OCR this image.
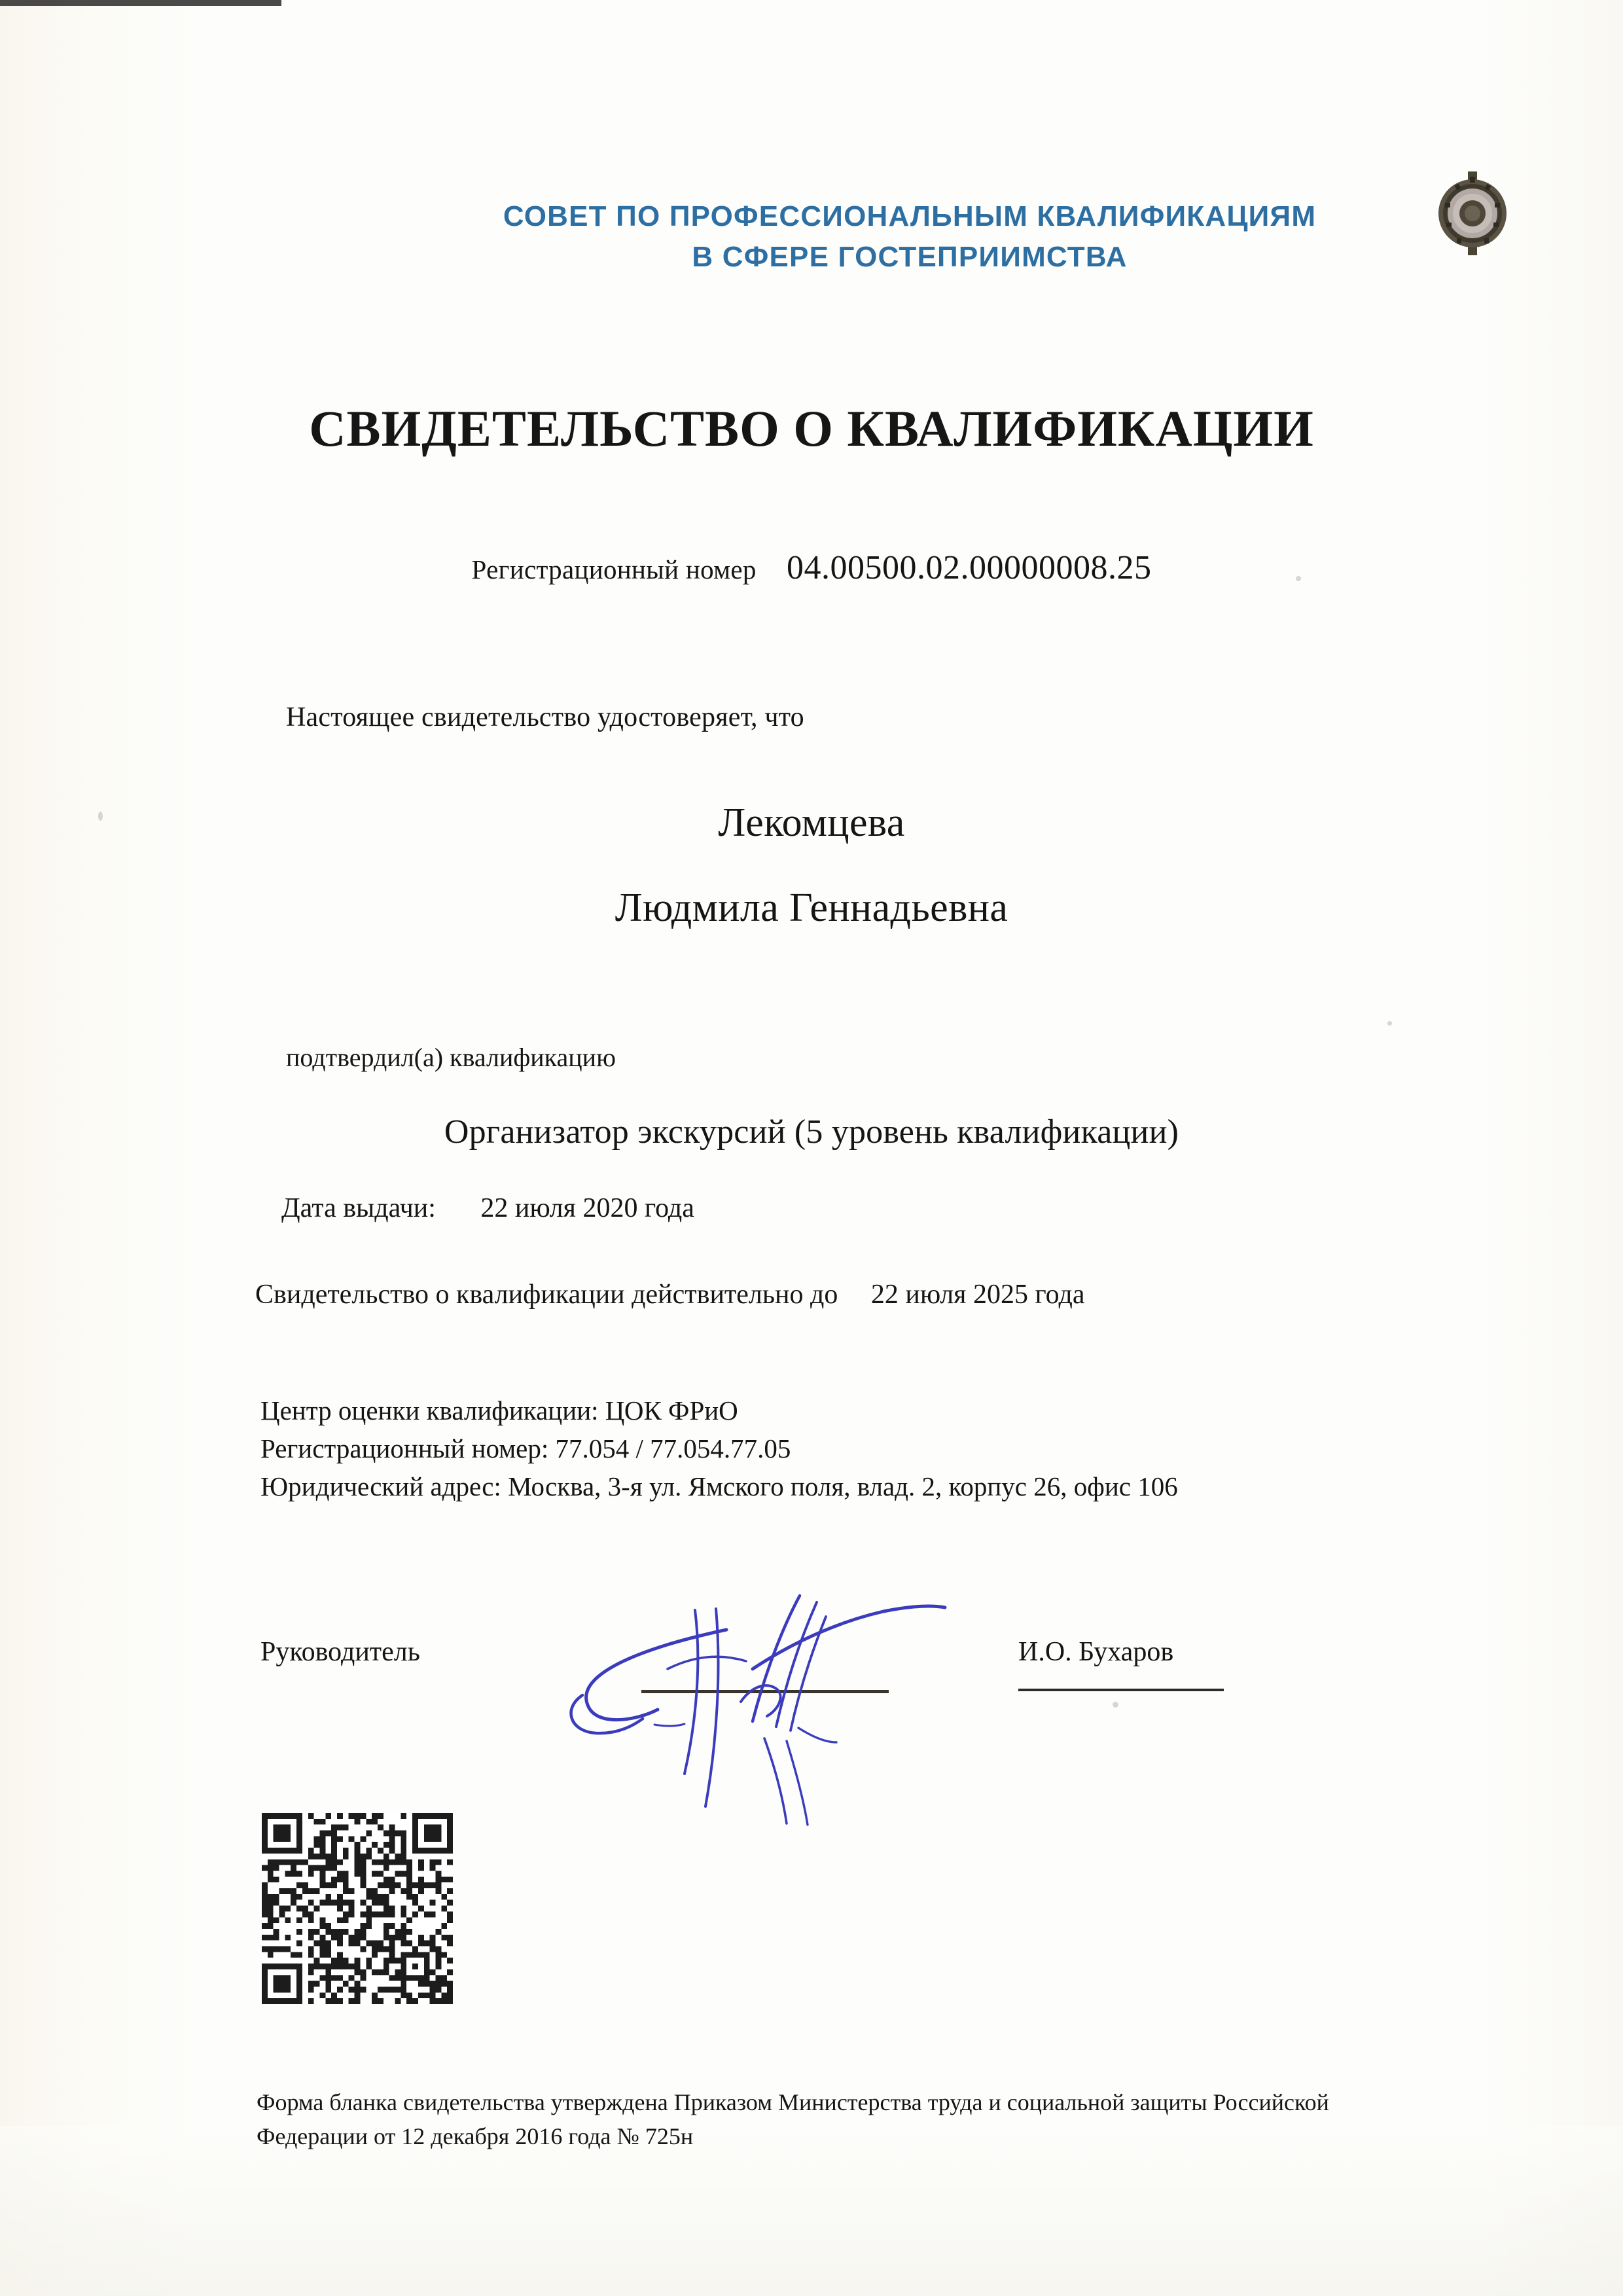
СОВЕТ ПО ПРОФЕССИОНАЛЬНЫМ КВАЛИФИКАЦИЯМ
В СФЕРЕ ГОСТЕПРИИМСТВА
СВИДЕТЕЛЬСТВО О КВАЛИФИКАЦИИ
Регистрационный номер 04.00500.02.00000008.25
Настоящее свидетельство удостоверяет, что
Лекомцева
Людмила Геннадьевна
подтвердил(а) квалификацию
Организатор экскурсий (5 уровень квалификации)
Дата выдачи: 22 июля 2020 года
Свидетельство о квалификации действительно до 22 июля 2025 года
Центр оценки квалификации: ЦОК ФРиО
Регистрационный номер: 77.054 / 77.054.77.05
Юридический адрес: Москва, 3-я ул. Ямского поля, влад. 2, корпус 26, офис 106
Руководитель	И.О. Бухаров
Форма бланка свидетельства утверждена Приказом Министерства труда и социальной защиты Российской
Федерации от 12 декабря 2016 года № 725н
